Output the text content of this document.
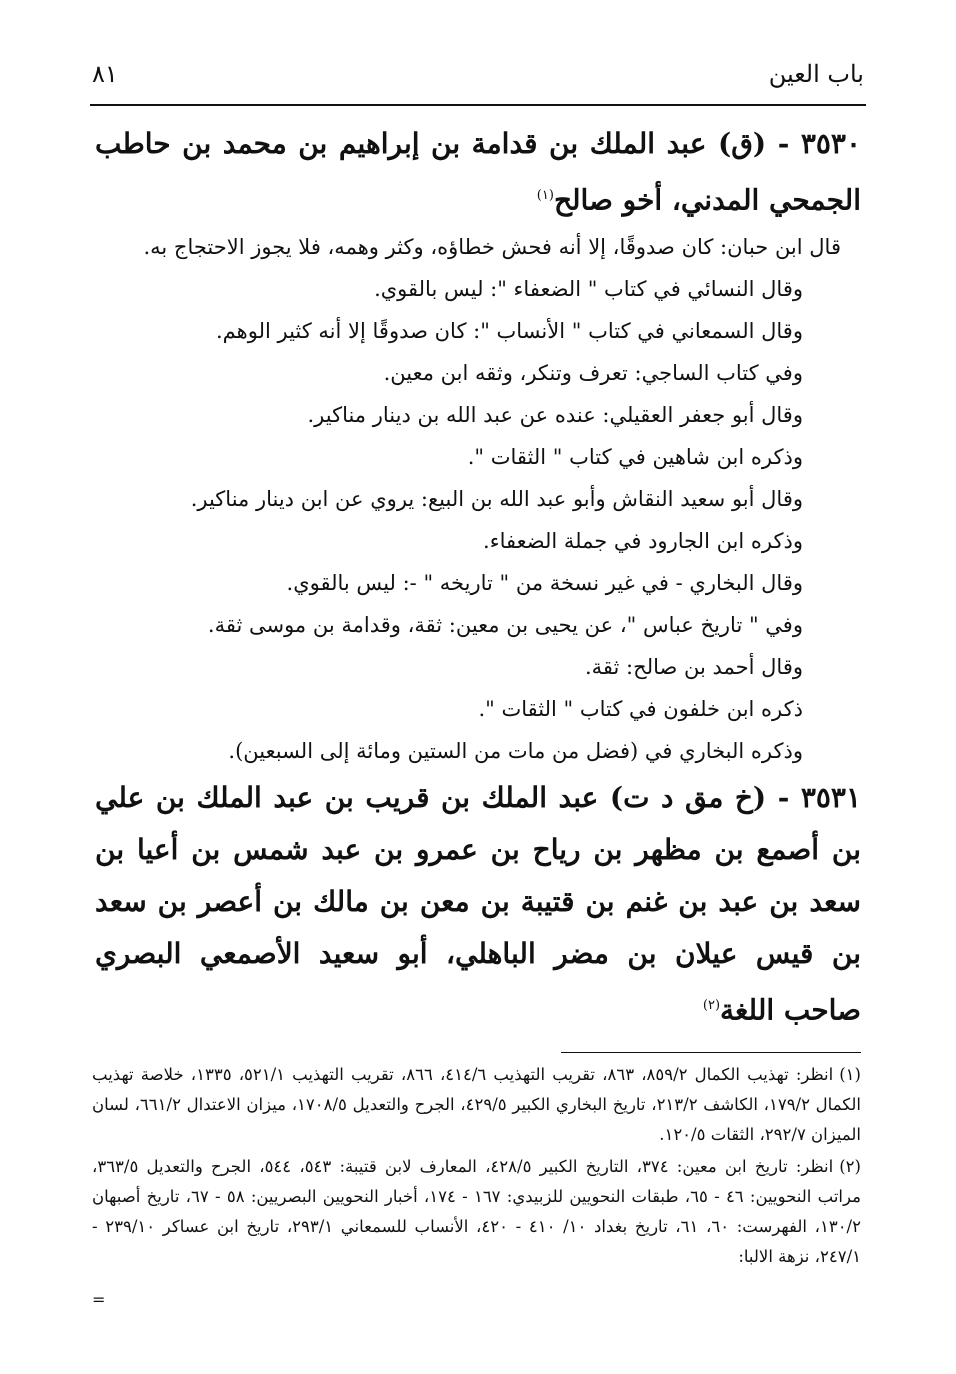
باب العين
٨١

٣٥٣٠ - (ق) عبد الملك بن قدامة بن إبراهيم بن محمد بن حاطب الجمحي المدني، أخو صالح$^{(١)}$

قال ابن حبان: كان صدوقًا، إلا أنه فحش خطاؤه، وكثر وهمه، فلا يجوز الاحتجاج به.

وقال النسائي في كتاب " الضعفاء ": ليس بالقوي.

وقال السمعاني في كتاب " الأنساب ": كان صدوقًا إلا أنه كثير الوهم.

وفي كتاب الساجي: تعرف وتنكر، وثقه ابن معين.

وقال أبو جعفر العقيلي: عنده عن عبد الله بن دينار مناكير.

وذكره ابن شاهين في كتاب " الثقات ".

وقال أبو سعيد النقاش وأبو عبد الله بن البيع: يروي عن ابن دينار مناكير.

وذكره ابن الجارود في جملة الضعفاء.

وقال البخاري - في غير نسخة من " تاريخه " -: ليس بالقوي.

وفي " تاريخ عباس "، عن يحيى بن معين: ثقة، وقدامة بن موسى ثقة.

وقال أحمد بن صالح: ثقة.

ذكره ابن خلفون في كتاب " الثقات ".

وذكره البخاري في (فضل من مات من الستين ومائة إلى السبعين).

٣٥٣١ - (خ مق د ت) عبد الملك بن قريب بن عبد الملك بن علي بن أصمع بن مظهر بن رياح بن عمرو بن عبد شمس بن أعيا بن سعد بن عبد بن غنم بن قتيبة بن معن بن مالك بن أعصر بن سعد بن قيس عيلان بن مضر الباهلي، أبو سعيد الأصمعي البصري صاحب اللغة$^{(٢)}$

(١)انظر: تهذيب الكمال ٨٥٩/٢، ٨٦٣، تقريب التهذيب ٤١٤/٦، ٨٦٦، تقريب التهذيب ٥٢١/١، ١٣٣٥، خلاصة تهذيب الكمال ١٧٩/٢، الكاشف ٢١٣/٢، تاريخ البخاري الكبير ٤٢٩/٥، الجرح والتعديل ١٧٠٨/٥، ميزان الاعتدال ٦٦١/٢، لسان الميزان ٢٩٢/٧، الثقات ١٢٠/٥.

(٢)انظر: تاريخ ابن معين: ٣٧٤، التاريخ الكبير ٤٢٨/٥، المعارف لابن قتيبة: ٥٤٣، ٥٤٤، الجرح والتعديل ٣٦٣/٥، مراتب النحويين: ٤٦ - ٦٥، طبقات النحويين للزبيدي: ١٦٧ - ١٧٤، أخبار النحويين البصريين: ٥٨ - ٦٧، تاريخ أصبهان ١٣٠/٢، الفهرست: ٦٠، ٦١، تاريخ بغداد ١٠/ ٤١٠ - ٤٢٠، الأنساب للسمعاني ٢٩٣/١، تاريخ ابن عساكر ٢٣٩/١٠ - ٢٤٧/١، نزهة الالبا:

=
